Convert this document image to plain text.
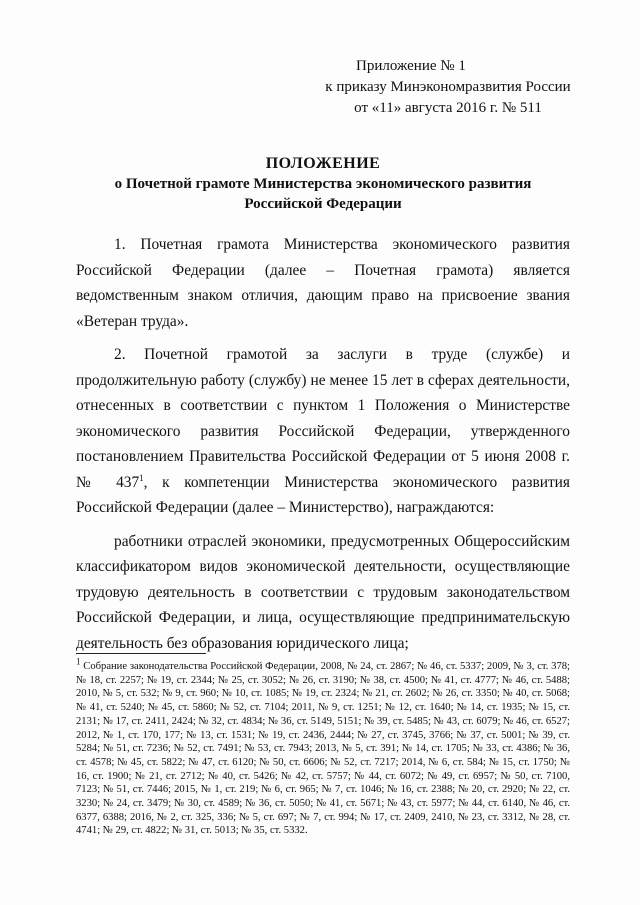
Приложение № 1
к приказу Минэкономразвития России
от «11» августа 2016 г. № 511
ПОЛОЖЕНИЕ
о Почетной грамоте Министерства экономического развития
Российской Федерации

1. Почетная грамота Министерства экономического развития Российской Федерации (далее – Почетная грамота) является ведомственным знаком отличия, дающим право на присвоение звания «Ветеран труда».

2. Почетной грамотой за заслуги в труде (службе) и продолжительную работу (службу) не менее 15 лет в сферах деятельности, отнесенных в соответствии с пунктом 1 Положения о Министерстве экономического развития Российской Федерации, утвержденного постановлением Правительства Российской Федерации от 5 июня 2008 г. № $437^1$, к компетенции Министерства экономического развития Российской Федерации (далее – Министерство), награждаются:

работники отраслей экономики, предусмотренных Общероссийским классификатором видов экономической деятельности, осуществляющие трудовую деятельность в соответствии с трудовым законодательством Российской Федерации, и лица, осуществляющие предпринимательскую деятельность без образования юридического лица;

$^1$ Собрание законодательства Российской Федерации, 2008, № 24, ст. 2867; № 46, ст. 5337; 2009, № 3, ст. 378; № 18, ст. 2257; № 19, ст. 2344; № 25, ст. 3052; № 26, ст. 3190; № 38, ст. 4500; № 41, ст. 4777; № 46, ст. 5488; 2010, № 5, ст. 532; № 9, ст. 960; № 10, ст. 1085; № 19, ст. 2324; № 21, ст. 2602; № 26, ст. 3350; № 40, ст. 5068; № 41, ст. 5240; № 45, ст. 5860; № 52, ст. 7104; 2011, № 9, ст. 1251; № 12, ст. 1640; № 14, ст. 1935; № 15, ст. 2131; № 17, ст. 2411, 2424; № 32, ст. 4834; № 36, ст. 5149, 5151; № 39, ст. 5485; № 43, ст. 6079; № 46, ст. 6527; 2012, № 1, ст. 170, 177; № 13, ст. 1531; № 19, ст. 2436, 2444; № 27, ст. 3745, 3766; № 37, ст. 5001; № 39, ст. 5284; № 51, ст. 7236; № 52, ст. 7491; № 53, ст. 7943; 2013, № 5, ст. 391; № 14, ст. 1705; № 33, ст. 4386; № 36, ст. 4578; № 45, ст. 5822; № 47, ст. 6120; № 50, ст. 6606; № 52, ст. 7217; 2014, № 6, ст. 584; № 15, ст. 1750; № 16, ст. 1900; № 21, ст. 2712; № 40, ст. 5426; № 42, ст. 5757; № 44, ст. 6072; № 49, ст. 6957; № 50, ст. 7100, 7123; № 51, ст. 7446; 2015, № 1, ст. 219; № 6, ст. 965; № 7, ст. 1046; № 16, ст. 2388; № 20, ст. 2920; № 22, ст. 3230; № 24, ст. 3479; № 30, ст. 4589; № 36, ст. 5050; № 41, ст. 5671; № 43, ст. 5977; № 44, ст. 6140, № 46, ст. 6377, 6388; 2016, № 2, ст. 325, 336; № 5, ст. 697; № 7, ст. 994; № 17, ст. 2409, 2410, № 23, ст. 3312, № 28, ст. 4741; № 29, ст. 4822; № 31, ст. 5013; № 35, ст. 5332.
